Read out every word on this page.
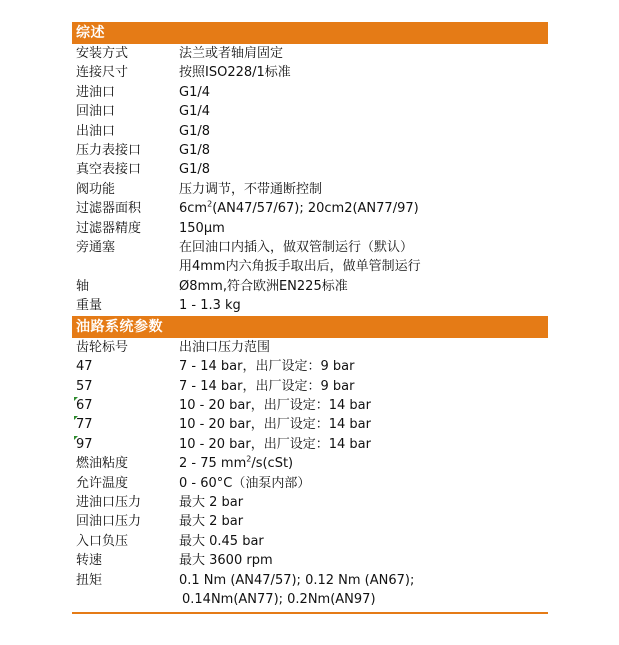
综述
安装方式	法兰或者轴肩固定
连接尺寸	按照ISO228/1标准
进油口	G1/4
回油口	G1/4
出油口	G1/8
压力表接口	G1/8
真空表接口	G1/8
阀功能	压力调节，不带通断控制
过滤器面积	$6cm^2(AN47/57/67)$; 20cm2(AN77/97)
过滤器精度	150μm
旁通塞	在回油口内插入，做双管制运行（默认）
用4mm内六角扳手取出后，做单管制运行
轴	Ø8mm,符合欧洲EN225标准
重量	1 - 1.3 kg
油路系统参数
齿轮标号	出油口压力范围
47	7 - 14 bar，出厂设定：9 bar
57	7 - 14 bar，出厂设定：9 bar
67	10 - 20 bar，出厂设定：14 bar
77	10 - 20 bar，出厂设定：14 bar
97	10 - 20 bar，出厂设定：14 bar
燃油粘度	2 - 75 $mm^2/s(cSt)$
允许温度	0 - 60°C（油泵内部）
进油口压力	最大 2 bar
回油口压力	最大 2 bar
入口负压	最大 0.45 bar
转速	最大 3600 rpm
扭矩	0.1 Nm (AN47/57); 0.12 Nm (AN67);
0.14Nm(AN77); 0.2Nm(AN97)
